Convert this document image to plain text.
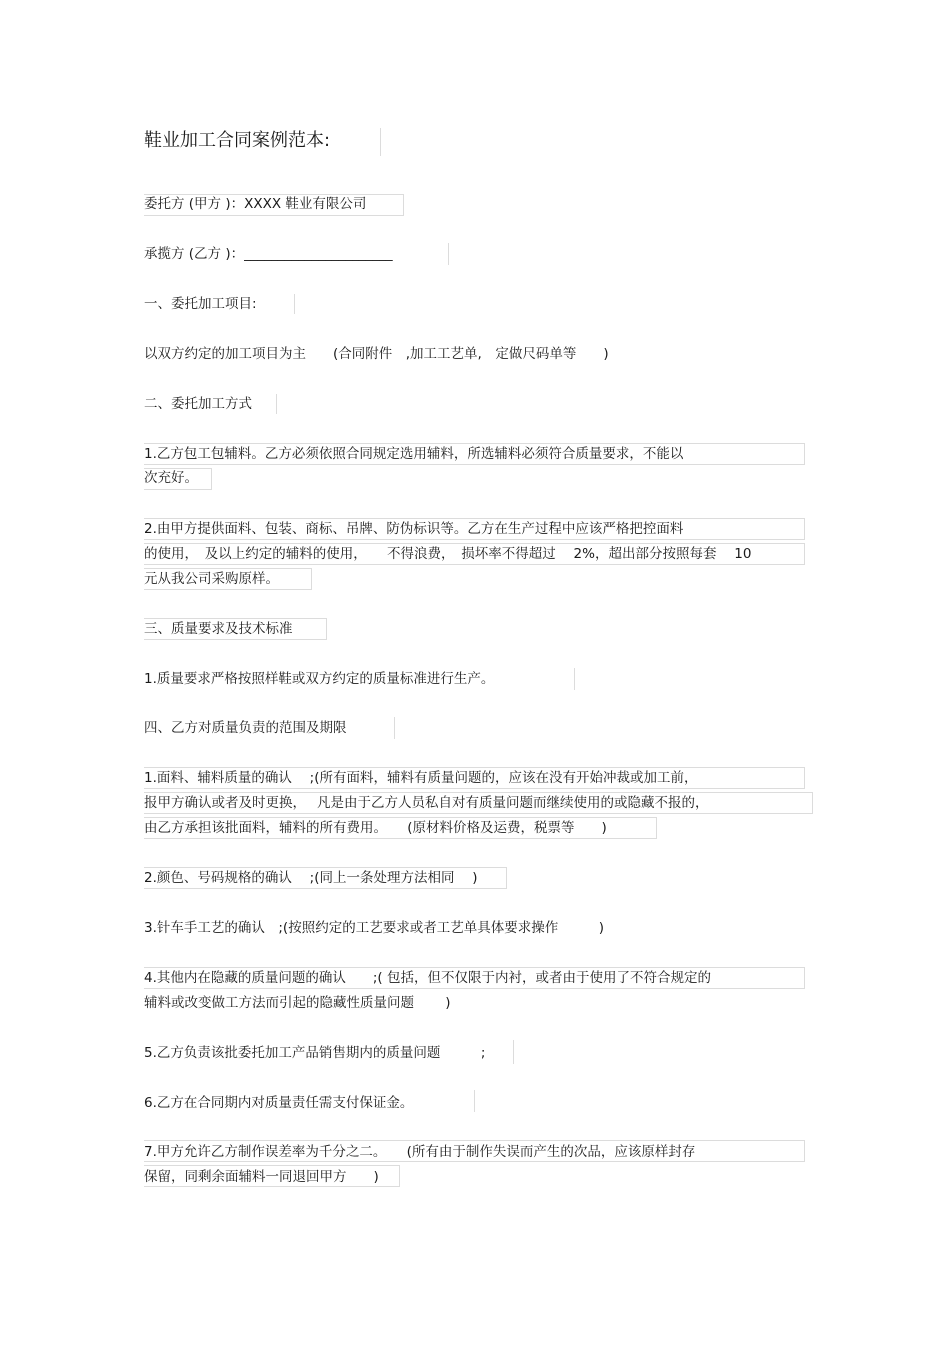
鞋业加工合同案例范本:
委托方 (甲方 )：XXXX 鞋业有限公司
承揽方 (乙方 )：______________________
一、委托加工项目:
以双方约定的加工项目为主　　(合同附件　,加工工艺单,　定做尺码单等　　)
二、委托加工方式
1.乙方包工包辅料。乙方必须依照合同规定选用辅料，所选辅料必须符合质量要求，不能以
次充好。
2.由甲方提供面料、包装、商标、吊牌、防伪标识等。乙方在生产过程中应该严格把控面料
的使用，　及以上约定的辅料的使用，　　不得浪费，　损坏率不得超过　 2%，超出部分按照每套　 10
元从我公司采购原样。
三、质量要求及技术标准
1.质量要求严格按照样鞋或双方约定的质量标准进行生产。
四、乙方对质量负责的范围及期限
1.面料、辅料质量的确认　 ;(所有面料，辅料有质量问题的，应该在没有开始冲裁或加工前，
报甲方确认或者及时更换，　 凡是由于乙方人员私自对有质量问题而继续使用的或隐藏不报的，
由乙方承担该批面料，辅料的所有费用。　　(原材料价格及运费，税票等　　)
2.颜色、号码规格的确认　 ;(同上一条处理方法相同　 )
3.针车手工艺的确认　;(按照约定的工艺要求或者工艺单具体要求操作　　　)
4.其他内在隐藏的质量问题的确认　　;( 包括，但不仅限于内衬，或者由于使用了不符合规定的
辅料或改变做工方法而引起的隐藏性质量问题　　 )
5.乙方负责该批委托加工产品销售期内的质量问题　　　;
6.乙方在合同期内对质量责任需支付保证金。
7.甲方允许乙方制作误差率为千分之二。　　(所有由于制作失误而产生的次品，应该原样封存
保留，同剩余面辅料一同退回甲方　　)
